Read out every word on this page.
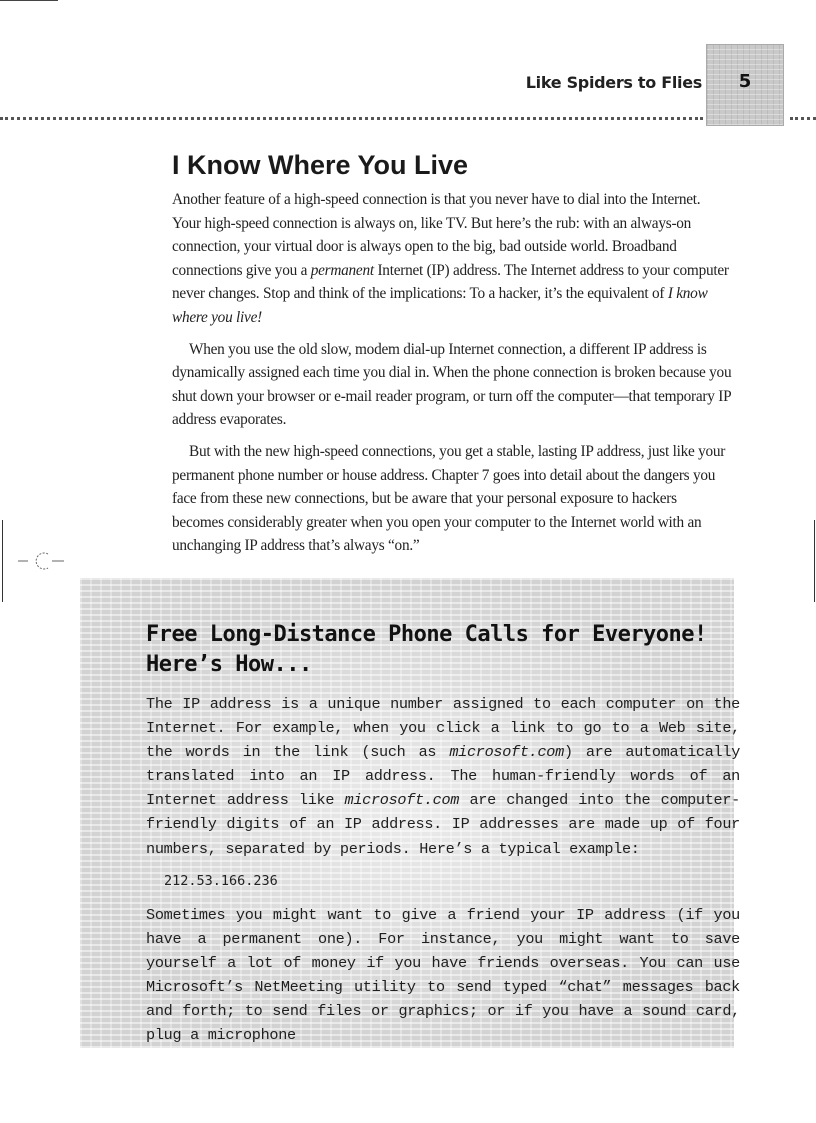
Like Spiders to Flies	5
I Know Where You Live

Another feature of a high-speed connection is that you never have to dial into the Internet. Your high-speed connection is always on, like TV. But here’s the rub: with an always-on connection, your virtual door is always open to the big, bad outside world. Broadband connections give you a permanent Internet (IP) address. The Internet address to your computer never changes. Stop and think of the implications: To a hacker, it’s the equivalent of I know where you live!

When you use the old slow, modem dial-up Internet connection, a different IP address is dynamically assigned each time you dial in. When the phone connection is broken because you shut down your browser or e-mail reader program, or turn off the computer—that temporary IP address evaporates.

But with the new high-speed connections, you get a stable, lasting IP address, just like your permanent phone number or house address. Chapter 7 goes into detail about the dangers you face from these new connections, but be aware that your personal exposure to hackers becomes considerably greater when you open your computer to the Internet world with an unchanging IP address that’s always “on.”

Free Long-Distance Phone Calls for Everyone!
Here’s How...

The IP address is a unique number assigned to each computer on the Internet. For example, when you click a link to go to a Web site, the words in the link (such as microsoft.com) are automatically translated into an IP address. The human-friendly words of an Internet address like microsoft.com are changed into the computer-friendly digits of an IP address. IP addresses are made up of four numbers, separated by periods. Here’s a typical example:

212.53.166.236

Sometimes you might want to give a friend your IP address (if you have a permanent one). For instance, you might want to save yourself a lot of money if you have friends overseas. You can use Microsoft’s NetMeeting utility to send typed “chat” messages back and forth; to send files or graphics; or if you have a sound card, plug a microphone
